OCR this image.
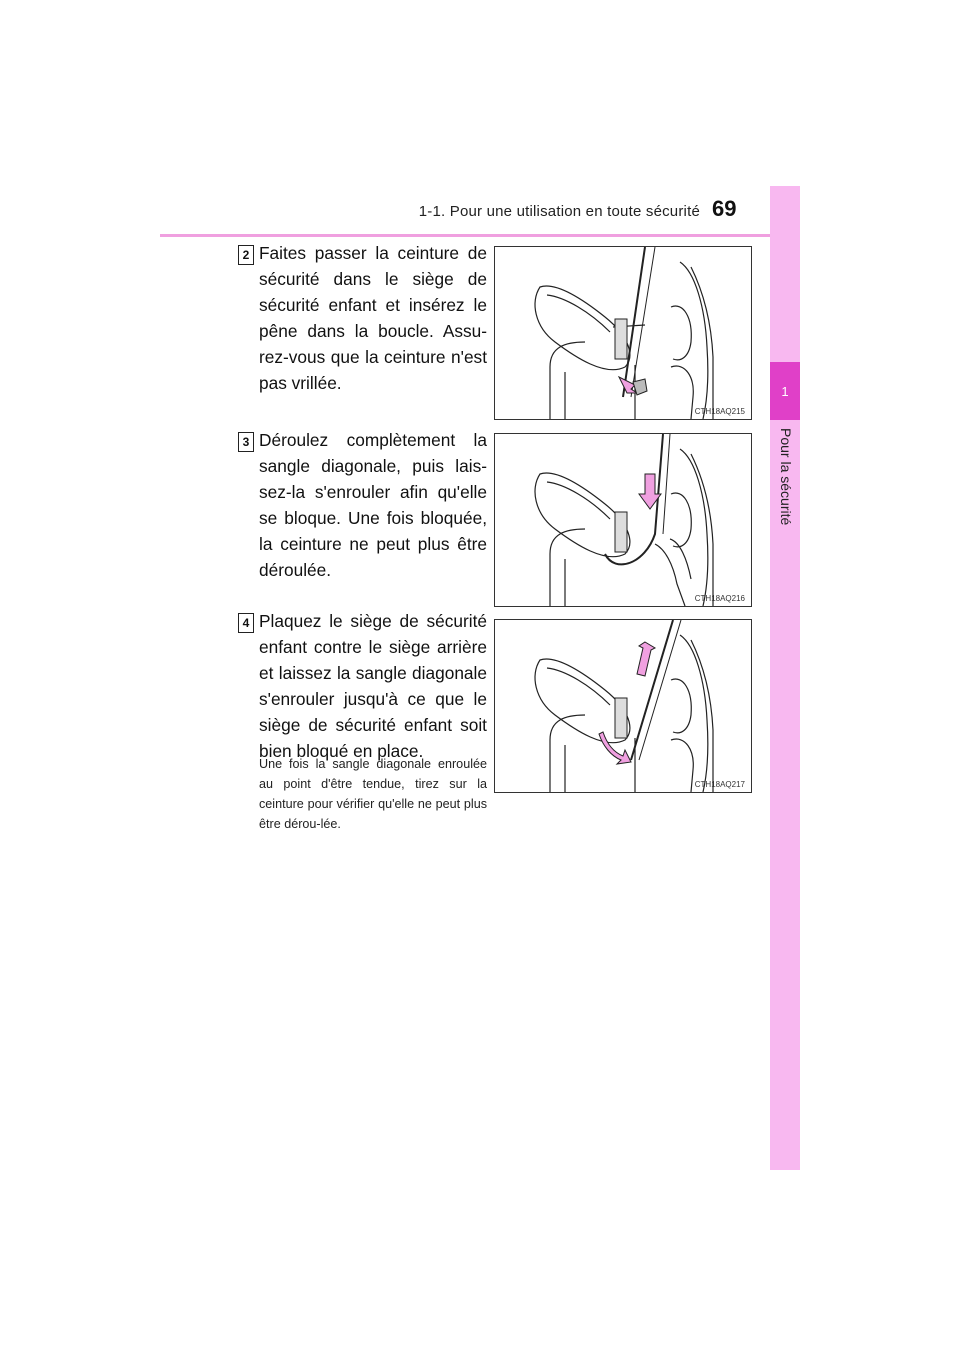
1-1. Pour une utilisation en toute sécurité 69
1
Pour la sécurité
2 Faites passer la ceinture de sécurité dans le siège de sécurité enfant et insérez le pêne dans la boucle. Assu-rez-vous que la ceinture n'est pas vrillée.
CTH18AQ215
3 Déroulez complètement la sangle diagonale, puis lais-sez-la s'enrouler afin qu'elle se bloque. Une fois bloquée, la ceinture ne peut plus être déroulée.
CTH18AQ216
4 Plaquez le siège de sécurité enfant contre le siège arrière et laissez la sangle diagonale s'enrouler jusqu'à ce que le siège de sécurité enfant soit bien bloqué en place.
Une fois la sangle diagonale enroulée au point d'être tendue, tirez sur la ceinture pour vérifier qu'elle ne peut plus être dérou-lée.
CTH18AQ217
